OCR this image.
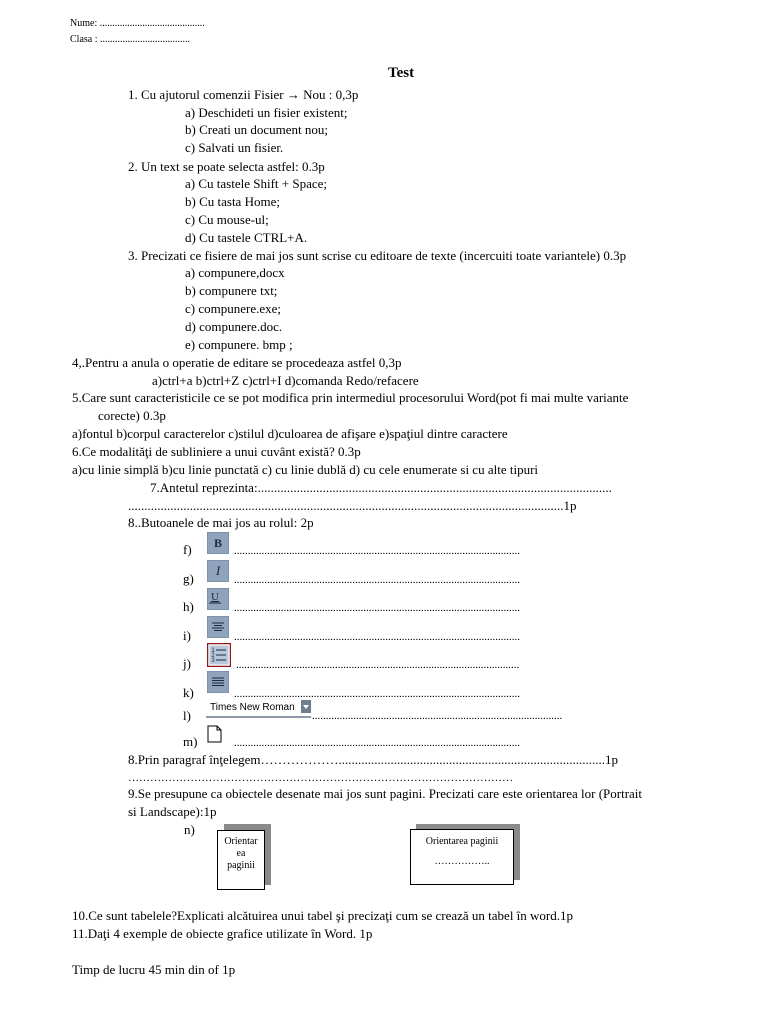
Nume: ..........................................
Clasa : ....................................
Test
1. Cu ajutorul comenzii Fisier → Nou : 0,3p
a) Deschideti un fisier existent;
b) Creati un document nou;
c) Salvati un fisier.
2. Un text se poate selecta astfel: 0.3p
a) Cu tastele Shift + Space;
b) Cu tasta Home;
c) Cu mouse-ul;
d) Cu tastele CTRL+A.
3. Precizati ce fisiere de mai jos sunt scrise cu editoare de texte (incercuiti toate variantele) 0.3p
a) compunere,docx
b) compunere txt;
c) compunere.exe;
d) compunere.doc.
e) compunere. bmp ;
4,.Pentru a anula o operatie de editare se procedeaza astfel 0,3p
a)ctrl+a b)ctrl+Z c)ctrl+I d)comanda Redo/refacere
5.Care sunt caracteristicile ce se pot modifica prin intermediul procesorului Word(pot fi mai multe variante
corecte) 0.3p
a)fontul b)corpul caracterelor c)stilul d)culoarea de afişare e)spaţiul dintre caractere
6.Ce modalităţi de subliniere a unui cuvânt există? 0.3p
a)cu linie simplă b)cu linie punctată c) cu linie dublă d) cu cele enumerate si cu alte tipuri
7.Antetul reprezinta:.............................................................................................................
......................................................................................................................................1p
8..Butoanele de mai jos au rolul: 2p
f) B
........................................................................................................
g)
I
........................................................................................................
h)
U
........................................................................................................
i)	........................................................................................................
j)
1
2
3 .......................................................................................................
k)	........................................................................................................
l)
Times New Roman
...........................................................................................
m)	........................................................................................................
8.Prin paragraf înţelegem………………..................................................................................1p
……………………………………………………………………………………………
9.Se presupune ca obiectele desenate mai jos sunt pagini. Precizati care este orientarea lor (Portrait
si Landscape):1p
n)
Orientar
ea
paginii
Orientarea paginii
……………..
10.Ce sunt tabelele?Explicati alcătuirea unui tabel şi precizaţi cum se crează un tabel în word.1p
11.Daţi 4 exemple de obiecte grafice utilizate în Word. 1p
Timp de lucru 45 min din of 1p
